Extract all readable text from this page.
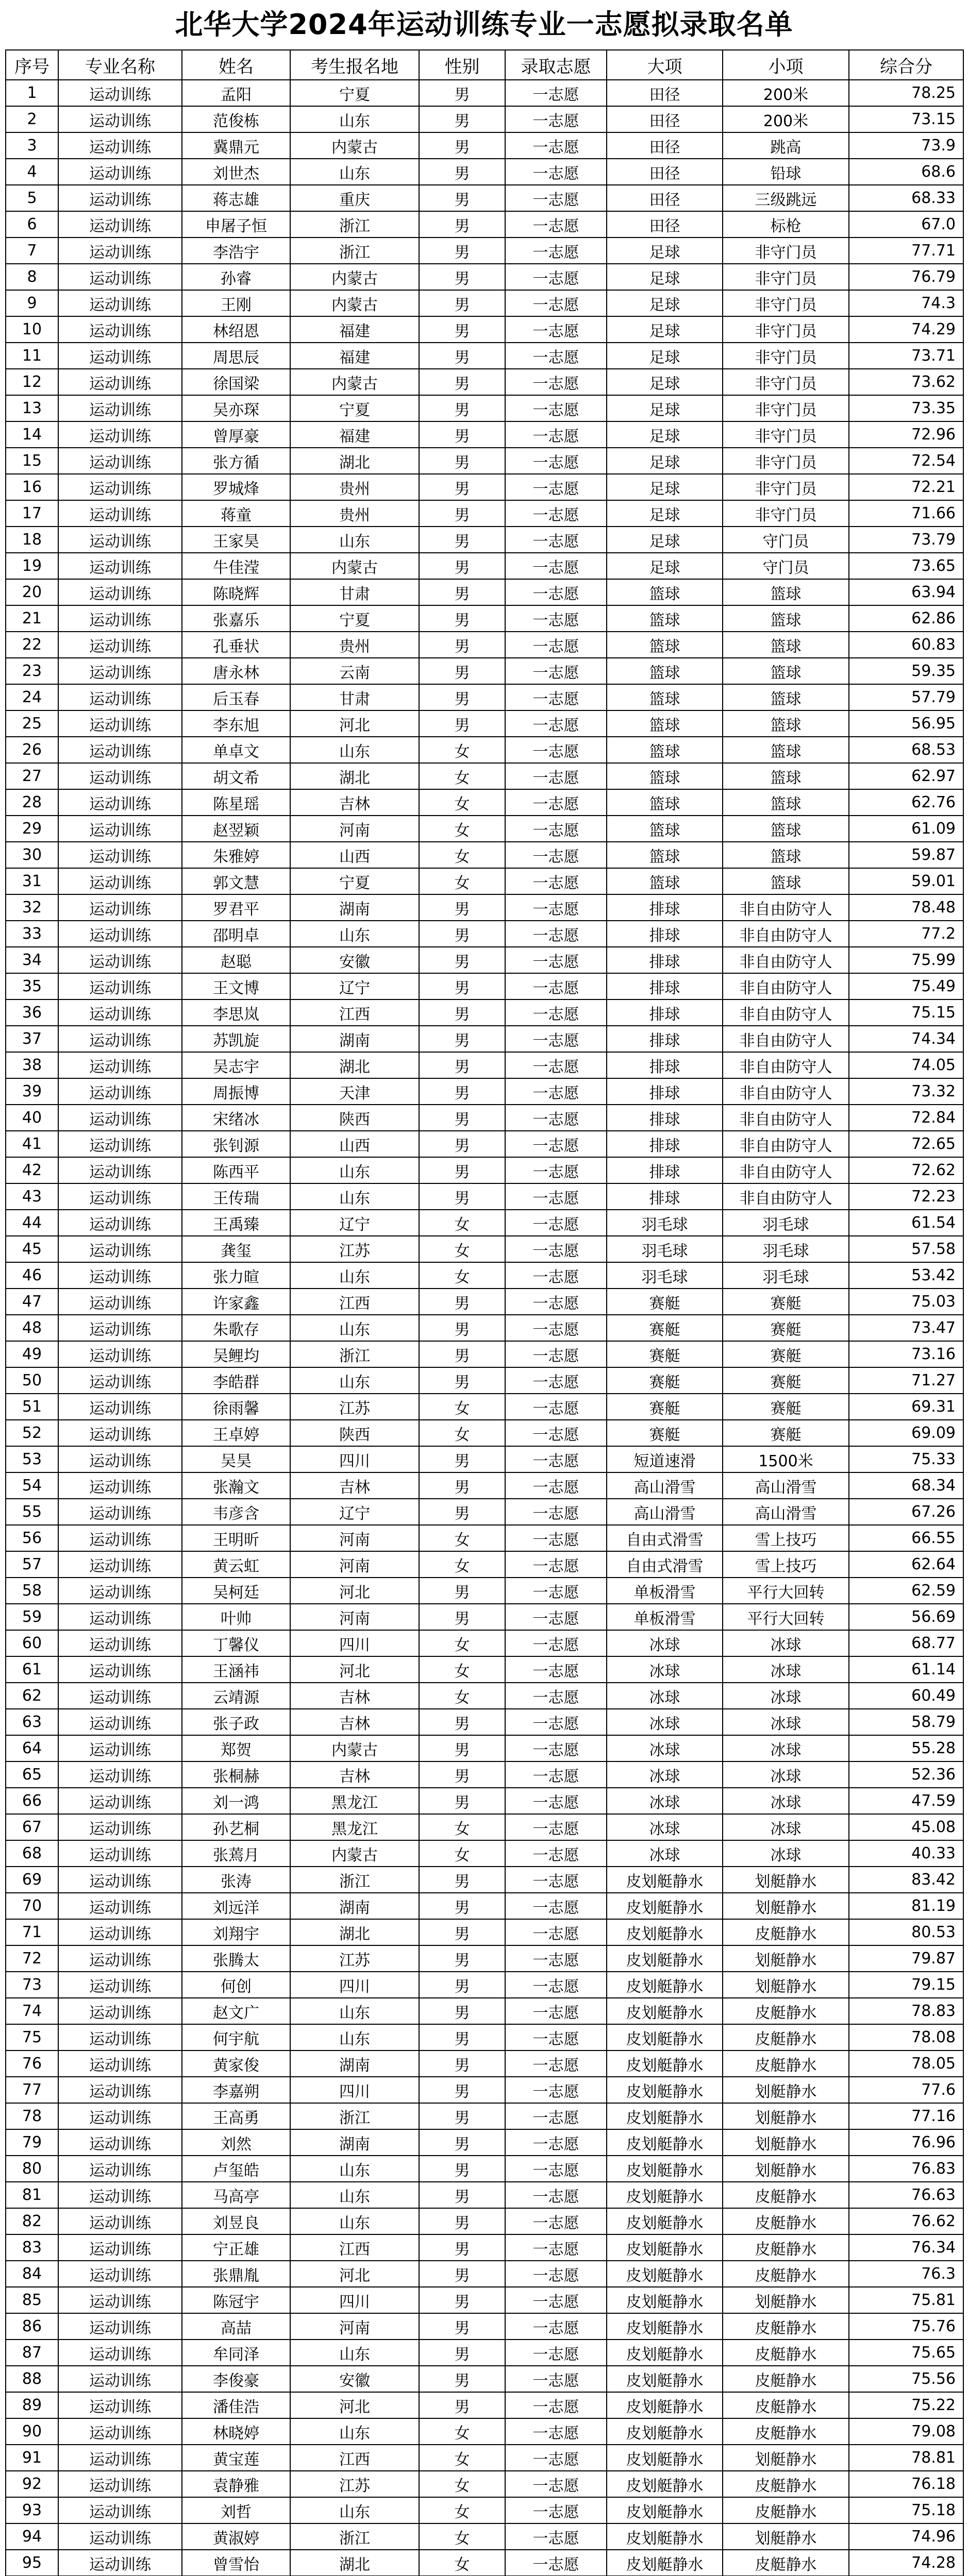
北华大学2024年运动训练专业一志愿拟录取名单
序号	专业名称	姓名	考生报名地	性别	录取志愿	大项	小项	综合分
1	运动训练	孟阳	宁夏	男	一志愿	田径	200米	78.25
2	运动训练	范俊栋	山东	男	一志愿	田径	200米	73.15
3	运动训练	冀鼎元	内蒙古	男	一志愿	田径	跳高	73.9
4	运动训练	刘世杰	山东	男	一志愿	田径	铅球	68.6
5	运动训练	蒋志雄	重庆	男	一志愿	田径	三级跳远	68.33
6	运动训练	申屠子恒	浙江	男	一志愿	田径	标枪	67.0
7	运动训练	李浩宇	浙江	男	一志愿	足球	非守门员	77.71
8	运动训练	孙睿	内蒙古	男	一志愿	足球	非守门员	76.79
9	运动训练	王刚	内蒙古	男	一志愿	足球	非守门员	74.3
10	运动训练	林绍恩	福建	男	一志愿	足球	非守门员	74.29
11	运动训练	周思辰	福建	男	一志愿	足球	非守门员	73.71
12	运动训练	徐国梁	内蒙古	男	一志愿	足球	非守门员	73.62
13	运动训练	吴亦琛	宁夏	男	一志愿	足球	非守门员	73.35
14	运动训练	曾厚豪	福建	男	一志愿	足球	非守门员	72.96
15	运动训练	张方循	湖北	男	一志愿	足球	非守门员	72.54
16	运动训练	罗城烽	贵州	男	一志愿	足球	非守门员	72.21
17	运动训练	蒋童	贵州	男	一志愿	足球	非守门员	71.66
18	运动训练	王家昊	山东	男	一志愿	足球	守门员	73.79
19	运动训练	牛佳滢	内蒙古	男	一志愿	足球	守门员	73.65
20	运动训练	陈晓辉	甘肃	男	一志愿	篮球	篮球	63.94
21	运动训练	张嘉乐	宁夏	男	一志愿	篮球	篮球	62.86
22	运动训练	孔垂状	贵州	男	一志愿	篮球	篮球	60.83
23	运动训练	唐永林	云南	男	一志愿	篮球	篮球	59.35
24	运动训练	后玉春	甘肃	男	一志愿	篮球	篮球	57.79
25	运动训练	李东旭	河北	男	一志愿	篮球	篮球	56.95
26	运动训练	单卓文	山东	女	一志愿	篮球	篮球	68.53
27	运动训练	胡文希	湖北	女	一志愿	篮球	篮球	62.97
28	运动训练	陈星瑶	吉林	女	一志愿	篮球	篮球	62.76
29	运动训练	赵翌颖	河南	女	一志愿	篮球	篮球	61.09
30	运动训练	朱雅婷	山西	女	一志愿	篮球	篮球	59.87
31	运动训练	郭文慧	宁夏	女	一志愿	篮球	篮球	59.01
32	运动训练	罗君平	湖南	男	一志愿	排球	非自由防守人	78.48
33	运动训练	邵明卓	山东	男	一志愿	排球	非自由防守人	77.2
34	运动训练	赵聪	安徽	男	一志愿	排球	非自由防守人	75.99
35	运动训练	王文博	辽宁	男	一志愿	排球	非自由防守人	75.49
36	运动训练	李思岚	江西	男	一志愿	排球	非自由防守人	75.15
37	运动训练	苏凯旋	湖南	男	一志愿	排球	非自由防守人	74.34
38	运动训练	吴志宇	湖北	男	一志愿	排球	非自由防守人	74.05
39	运动训练	周振博	天津	男	一志愿	排球	非自由防守人	73.32
40	运动训练	宋绪冰	陕西	男	一志愿	排球	非自由防守人	72.84
41	运动训练	张钊源	山西	男	一志愿	排球	非自由防守人	72.65
42	运动训练	陈西平	山东	男	一志愿	排球	非自由防守人	72.62
43	运动训练	王传瑞	山东	男	一志愿	排球	非自由防守人	72.23
44	运动训练	王禹臻	辽宁	女	一志愿	羽毛球	羽毛球	61.54
45	运动训练	龚玺	江苏	女	一志愿	羽毛球	羽毛球	57.58
46	运动训练	张力暄	山东	女	一志愿	羽毛球	羽毛球	53.42
47	运动训练	许家鑫	江西	男	一志愿	赛艇	赛艇	75.03
48	运动训练	朱歌存	山东	男	一志愿	赛艇	赛艇	73.47
49	运动训练	吴鲤均	浙江	男	一志愿	赛艇	赛艇	73.16
50	运动训练	李皓群	山东	男	一志愿	赛艇	赛艇	71.27
51	运动训练	徐雨馨	江苏	女	一志愿	赛艇	赛艇	69.31
52	运动训练	王卓婷	陕西	女	一志愿	赛艇	赛艇	69.09
53	运动训练	吴昊	四川	男	一志愿	短道速滑	1500米	75.33
54	运动训练	张瀚文	吉林	男	一志愿	高山滑雪	高山滑雪	68.34
55	运动训练	韦彦含	辽宁	男	一志愿	高山滑雪	高山滑雪	67.26
56	运动训练	王明昕	河南	女	一志愿	自由式滑雪	雪上技巧	66.55
57	运动训练	黄云虹	河南	女	一志愿	自由式滑雪	雪上技巧	62.64
58	运动训练	吴柯廷	河北	男	一志愿	单板滑雪	平行大回转	62.59
59	运动训练	叶帅	河南	男	一志愿	单板滑雪	平行大回转	56.69
60	运动训练	丁馨仪	四川	女	一志愿	冰球	冰球	68.77
61	运动训练	王涵祎	河北	女	一志愿	冰球	冰球	61.14
62	运动训练	云靖源	吉林	女	一志愿	冰球	冰球	60.49
63	运动训练	张子政	吉林	男	一志愿	冰球	冰球	58.79
64	运动训练	郑贺	内蒙古	男	一志愿	冰球	冰球	55.28
65	运动训练	张桐赫	吉林	男	一志愿	冰球	冰球	52.36
66	运动训练	刘一鸿	黑龙江	男	一志愿	冰球	冰球	47.59
67	运动训练	孙艺桐	黑龙江	女	一志愿	冰球	冰球	45.08
68	运动训练	张蔫月	内蒙古	女	一志愿	冰球	冰球	40.33
69	运动训练	张涛	浙江	男	一志愿	皮划艇静水	划艇静水	83.42
70	运动训练	刘远洋	湖南	男	一志愿	皮划艇静水	划艇静水	81.19
71	运动训练	刘翔宇	湖北	男	一志愿	皮划艇静水	皮艇静水	80.53
72	运动训练	张腾太	江苏	男	一志愿	皮划艇静水	划艇静水	79.87
73	运动训练	何创	四川	男	一志愿	皮划艇静水	划艇静水	79.15
74	运动训练	赵文广	山东	男	一志愿	皮划艇静水	皮艇静水	78.83
75	运动训练	何宇航	山东	男	一志愿	皮划艇静水	皮艇静水	78.08
76	运动训练	黄家俊	湖南	男	一志愿	皮划艇静水	皮艇静水	78.05
77	运动训练	李嘉朔	四川	男	一志愿	皮划艇静水	划艇静水	77.6
78	运动训练	王高勇	浙江	男	一志愿	皮划艇静水	划艇静水	77.16
79	运动训练	刘然	湖南	男	一志愿	皮划艇静水	划艇静水	76.96
80	运动训练	卢玺皓	山东	男	一志愿	皮划艇静水	划艇静水	76.83
81	运动训练	马高亭	山东	男	一志愿	皮划艇静水	皮艇静水	76.63
82	运动训练	刘昱良	山东	男	一志愿	皮划艇静水	皮艇静水	76.62
83	运动训练	宁正雄	江西	男	一志愿	皮划艇静水	皮艇静水	76.34
84	运动训练	张鼎胤	河北	男	一志愿	皮划艇静水	皮艇静水	76.3
85	运动训练	陈冠宇	四川	男	一志愿	皮划艇静水	划艇静水	75.81
86	运动训练	高喆	河南	男	一志愿	皮划艇静水	皮艇静水	75.76
87	运动训练	牟同泽	山东	男	一志愿	皮划艇静水	皮艇静水	75.65
88	运动训练	李俊豪	安徽	男	一志愿	皮划艇静水	皮艇静水	75.56
89	运动训练	潘佳浩	河北	男	一志愿	皮划艇静水	皮艇静水	75.22
90	运动训练	林晓婷	山东	女	一志愿	皮划艇静水	皮艇静水	79.08
91	运动训练	黄宝莲	江西	女	一志愿	皮划艇静水	划艇静水	78.81
92	运动训练	袁静雅	江苏	女	一志愿	皮划艇静水	皮艇静水	76.18
93	运动训练	刘哲	山东	女	一志愿	皮划艇静水	皮艇静水	75.18
94	运动训练	黄淑婷	浙江	女	一志愿	皮划艇静水	划艇静水	74.96
95	运动训练	曾雪怡	湖北	女	一志愿	皮划艇静水	皮艇静水	74.28
